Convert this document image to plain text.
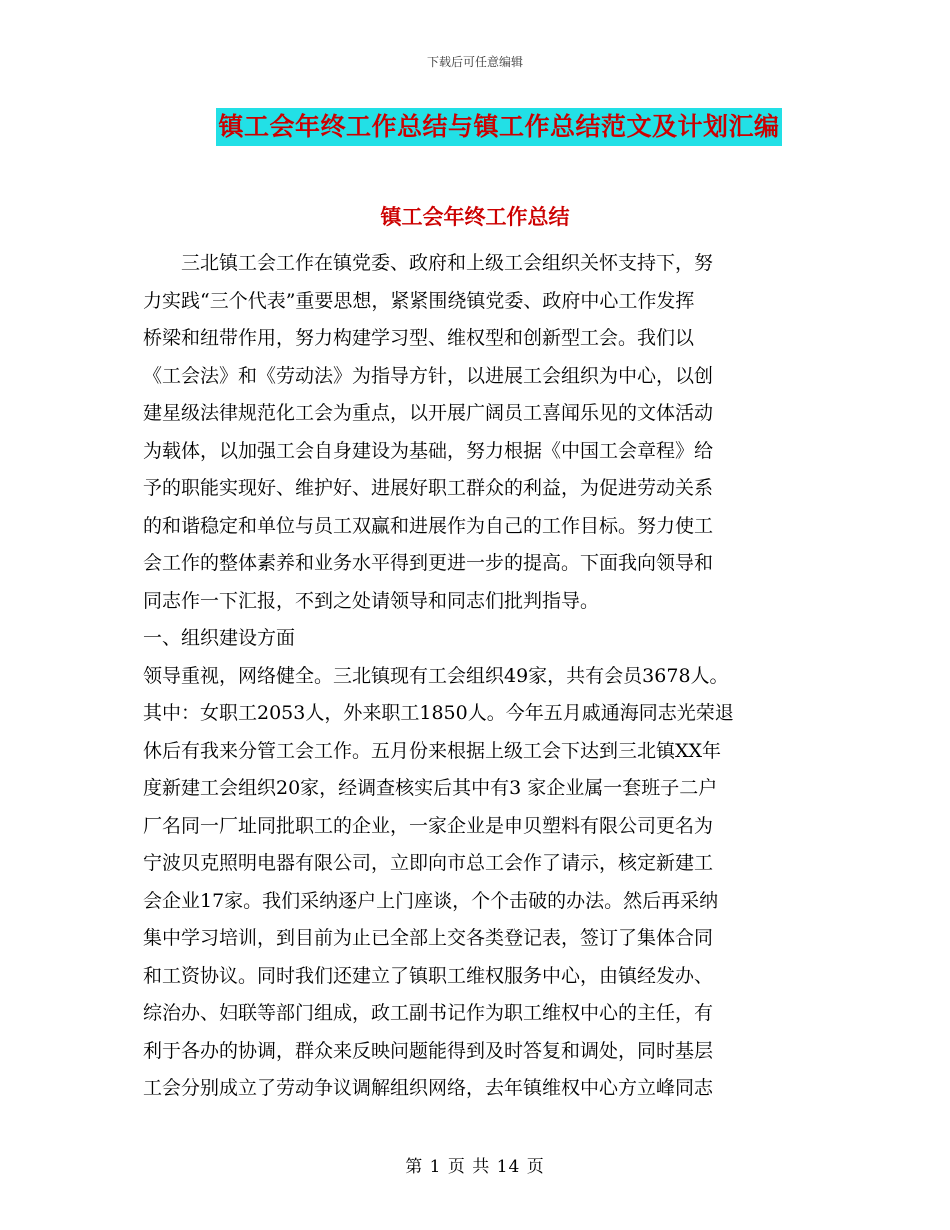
下载后可任意编辑
镇工会年终工作总结与镇工作总结范文及计划汇编
镇工会年终工作总结

　　三北镇工会工作在镇党委、政府和上级工会组织关怀支持下，努

力实践“三个代表”重要思想，紧紧围绕镇党委、政府中心工作发挥

桥梁和纽带作用，努力构建学习型、维权型和创新型工会。我们以

《工会法》和《劳动法》为指导方针，以进展工会组织为中心，以创

建星级法律规范化工会为重点，以开展广阔员工喜闻乐见的文体活动

为载体，以加强工会自身建设为基础，努力根据《中国工会章程》给

予的职能实现好、维护好、进展好职工群众的利益，为促进劳动关系

的和谐稳定和单位与员工双赢和进展作为自己的工作目标。努力使工

会工作的整体素养和业务水平得到更进一步的提高。下面我向领导和

同志作一下汇报，不到之处请领导和同志们批判指导。

一、组织建设方面

领导重视，网络健全。三北镇现有工会组织49家，共有会员3678人。

其中：女职工2053人，外来职工1850人。今年五月戚通海同志光荣退

休后有我来分管工会工作。五月份来根据上级工会下达到三北镇XX年

度新建工会组织20家，经调查核实后其中有3 家企业属一套班子二户

厂名同一厂址同批职工的企业，一家企业是申贝塑料有限公司更名为

宁波贝克照明电器有限公司，立即向市总工会作了请示，核定新建工

会企业17家。我们采纳逐户上门座谈，个个击破的办法。然后再采纳

集中学习培训，到目前为止已全部上交各类登记表，签订了集体合同

和工资协议。同时我们还建立了镇职工维权服务中心，由镇经发办、

综治办、妇联等部门组成，政工副书记作为职工维权中心的主任，有

利于各办的协调，群众来反映问题能得到及时答复和调处，同时基层

工会分别成立了劳动争议调解组织网络，去年镇维权中心方立峰同志

第 1 页 共 14 页
